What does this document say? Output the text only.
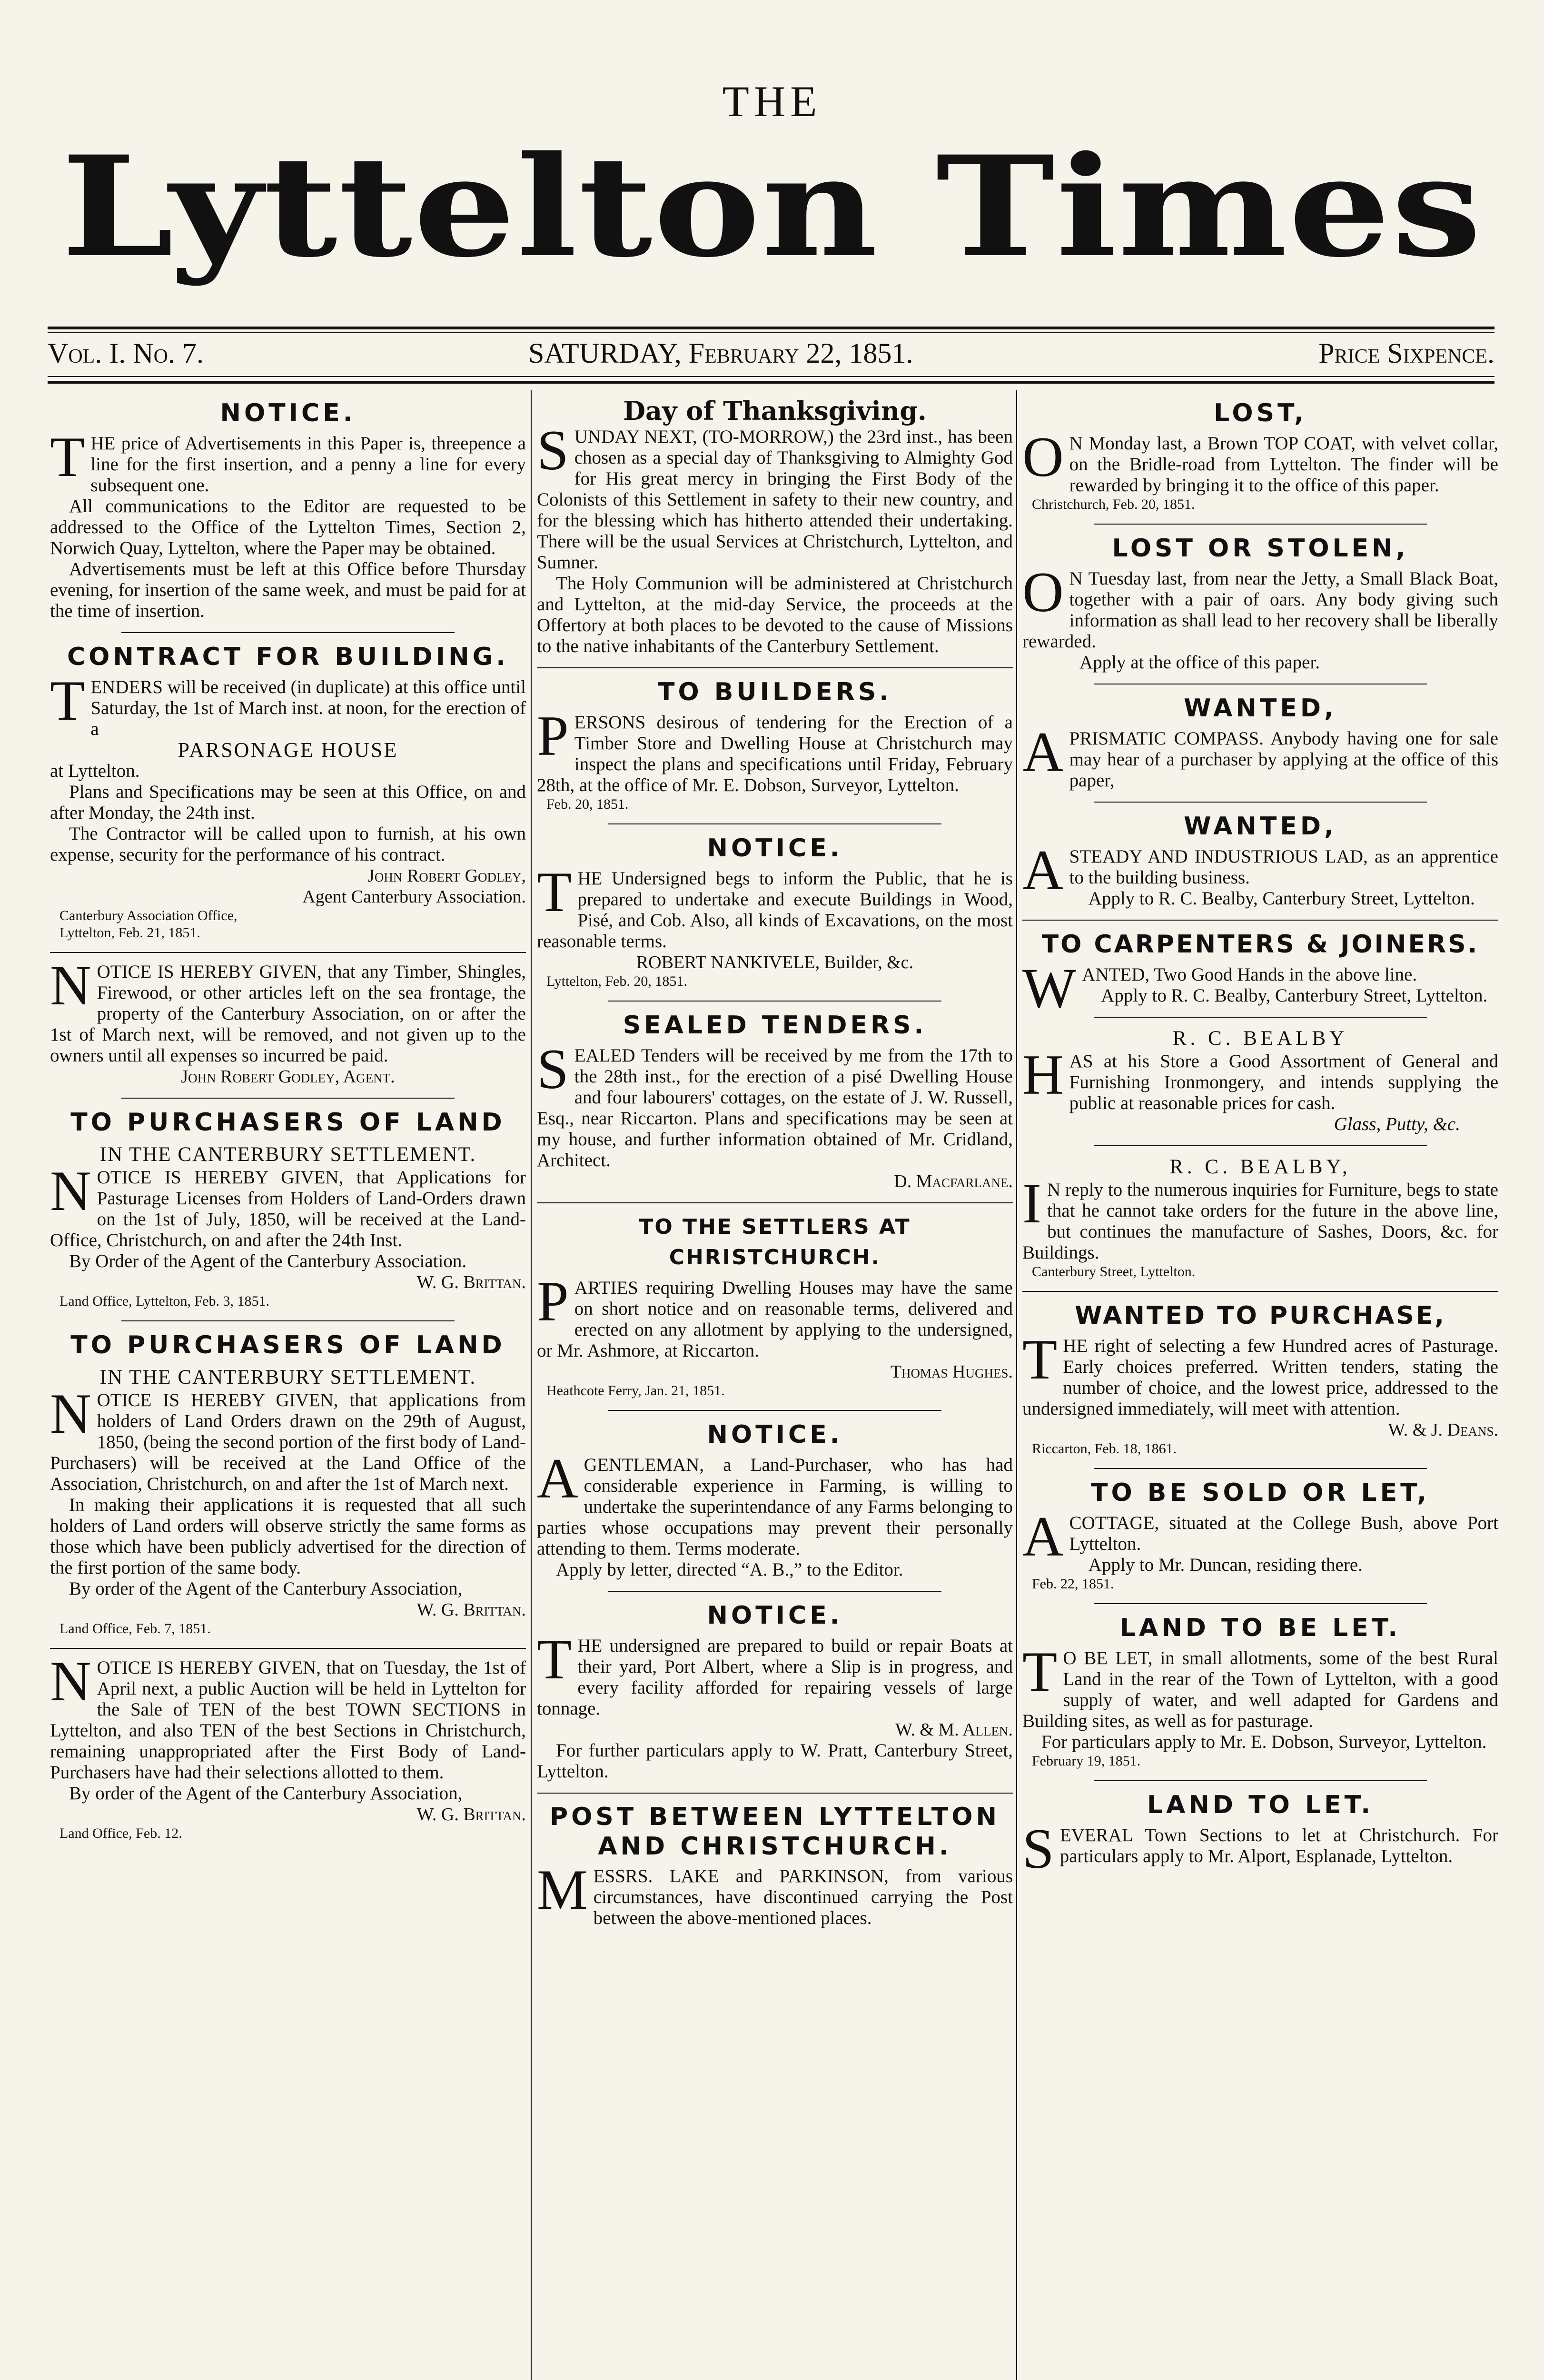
THE
Lyttelton Times
Vol. I. No. 7.	SATURDAY, February 22, 1851.	Price Sixpence.
NOTICE.

THE price of Advertisements in this Paper is, threepence a line for the first insertion, and a penny a line for every subsequent one.

All communications to the Editor are requested to be addressed to the Office of the Lyttelton Times, Section 2, Norwich Quay, Lyttelton, where the Paper may be obtained.

Advertisements must be left at this Office before Thursday evening, for insertion of the same week, and must be paid for at the time of insertion.

CONTRACT FOR BUILDING.

TENDERS will be received (in duplicate) at this office until Saturday, the 1st of March inst. at noon, for the erection of a

PARSONAGE HOUSE

at Lyttelton.

Plans and Specifications may be seen at this Office, on and after Monday, the 24th inst.

The Contractor will be called upon to furnish, at his own expense, security for the performance of his contract.

John Robert Godley,
Agent Canterbury Association.
Canterbury Association Office,
Lyttelton, Feb. 21, 1851.

NOTICE IS HEREBY GIVEN, that any Timber, Shingles, Firewood, or other articles left on the sea frontage, the property of the Canterbury Association, on or after the 1st of March next, will be removed, and not given up to the owners until all expenses so incurred be paid.

John Robert Godley, Agent.
TO PURCHASERS OF LAND
IN THE CANTERBURY SETTLEMENT.

NOTICE IS HEREBY GIVEN, that Applications for Pasturage Licenses from Holders of Land-Orders drawn on the 1st of July, 1850, will be received at the Land-Office, Christchurch, on and after the 24th Inst.

By Order of the Agent of the Canterbury Association.

W. G. Brittan.
Land Office, Lyttelton, Feb. 3, 1851.
TO PURCHASERS OF LAND
IN THE CANTERBURY SETTLEMENT.

NOTICE IS HEREBY GIVEN, that applications from holders of Land Orders drawn on the 29th of August, 1850, (being the second portion of the first body of Land-Purchasers) will be received at the Land Office of the Association, Christchurch, on and after the 1st of March next.

In making their applications it is requested that all such holders of Land orders will observe strictly the same forms as those which have been publicly advertised for the direction of the first portion of the same body.

By order of the Agent of the Canterbury Association,

W. G. Brittan.
Land Office, Feb. 7, 1851.

NOTICE IS HEREBY GIVEN, that on Tuesday, the 1st of April next, a public Auction will be held in Lyttelton for the Sale of TEN of the best TOWN SECTIONS in Lyttelton, and also TEN of the best Sections in Christchurch, remaining unappropriated after the First Body of Land-Purchasers have had their selections allotted to them.

By order of the Agent of the Canterbury Association,

W. G. Brittan.
Land Office, Feb. 12.
Day of Thanksgiving.

SUNDAY NEXT, (TO-MORROW,) the 23rd inst., has been chosen as a special day of Thanksgiving to Almighty God for His great mercy in bringing the First Body of the Colonists of this Settlement in safety to their new country, and for the blessing which has hitherto attended their undertaking. There will be the usual Services at Christchurch, Lyttelton, and Sumner.

The Holy Communion will be administered at Christchurch and Lyttelton, at the mid-day Service, the proceeds at the Offertory at both places to be devoted to the cause of Missions to the native inhabitants of the Canterbury Settlement.

TO BUILDERS.

PERSONS desirous of tendering for the Erection of a Timber Store and Dwelling House at Christchurch may inspect the plans and specifications until Friday, February 28th, at the office of Mr. E. Dobson, Surveyor, Lyttelton.

Feb. 20, 1851.
NOTICE.

THE Undersigned begs to inform the Public, that he is prepared to undertake and execute Buildings in Wood, Pisé, and Cob. Also, all kinds of Excavations, on the most reasonable terms.

ROBERT NANKIVELE, Builder, &c.
Lyttelton, Feb. 20, 1851.
SEALED TENDERS.

SEALED Tenders will be received by me from the 17th to the 28th inst., for the erection of a pisé Dwelling House and four labourers' cottages, on the estate of J. W. Russell, Esq., near Riccarton. Plans and specifications may be seen at my house, and further information obtained of Mr. Cridland, Architect.

D. Macfarlane.
TO THE SETTLERS AT CHRISTCHURCH.

PARTIES requiring Dwelling Houses may have the same on short notice and on reasonable terms, delivered and erected on any allotment by applying to the undersigned, or Mr. Ashmore, at Riccarton.

Thomas Hughes.
Heathcote Ferry, Jan. 21, 1851.
NOTICE.

A GENTLEMAN, a Land-Purchaser, who has had considerable experience in Farming, is willing to undertake the superintendance of any Farms belonging to parties whose occupations may prevent their personally attending to them. Terms moderate.

Apply by letter, directed “A. B.,” to the Editor.

NOTICE.

THE undersigned are prepared to build or repair Boats at their yard, Port Albert, where a Slip is in progress, and every facility afforded for repairing vessels of large tonnage.

W. & M. Allen.

For further particulars apply to W. Pratt, Canterbury Street, Lyttelton.

POST BETWEEN LYTTELTON AND CHRISTCHURCH.

MESSRS. LAKE and PARKINSON, from various circumstances, have discontinued carrying the Post between the above-mentioned places.

LOST,

O N Monday last, a Brown TOP COAT, with velvet collar, on the Bridle-road from Lyttelton. The finder will be rewarded by bringing it to the office of this paper.

Christchurch, Feb. 20, 1851.
LOST OR STOLEN,

O N Tuesday last, from near the Jetty, a Small Black Boat, together with a pair of oars. Any body giving such information as shall lead to her recovery shall be liberally rewarded.

Apply at the office of this paper.

WANTED,

A PRISMATIC COMPASS. Anybody having one for sale may hear of a purchaser by applying at the office of this paper,

WANTED,

A STEADY AND INDUSTRIOUS LAD, as an apprentice to the building business.

Apply to R. C. Bealby, Canterbury Street, Lyttelton.

TO CARPENTERS & JOINERS.

WANTED, Two Good Hands in the above line.

Apply to R. C. Bealby, Canterbury Street, Lyttelton.

R. C. BEALBY

HAS at his Store a Good Assortment of General and Furnishing Ironmongery, and intends supplying the public at reasonable prices for cash.

Glass, Putty, &c.
R. C. BEALBY,

I N reply to the numerous inquiries for Furniture, begs to state that he cannot take orders for the future in the above line, but continues the manufacture of Sashes, Doors, &c. for Buildings.

Canterbury Street, Lyttelton.
WANTED TO PURCHASE,

THE right of selecting a few Hundred acres of Pasturage. Early choices preferred. Written tenders, stating the number of choice, and the lowest price, addressed to the undersigned immediately, will meet with attention.

W. & J. Deans.
Riccarton, Feb. 18, 1861.
TO BE SOLD OR LET,

A COTTAGE, situated at the College Bush, above Port Lyttelton.

Apply to Mr. Duncan, residing there.

Feb. 22, 1851.
LAND TO BE LET.

T O BE LET, in small allotments, some of the best Rural Land in the rear of the Town of Lyttelton, with a good supply of water, and well adapted for Gardens and Building sites, as well as for pasturage.

For particulars apply to Mr. E. Dobson, Surveyor, Lyttelton.

February 19, 1851.
LAND TO LET.

SEVERAL Town Sections to let at Christchurch. For particulars apply to Mr. Alport, Esplanade, Lyttelton.
